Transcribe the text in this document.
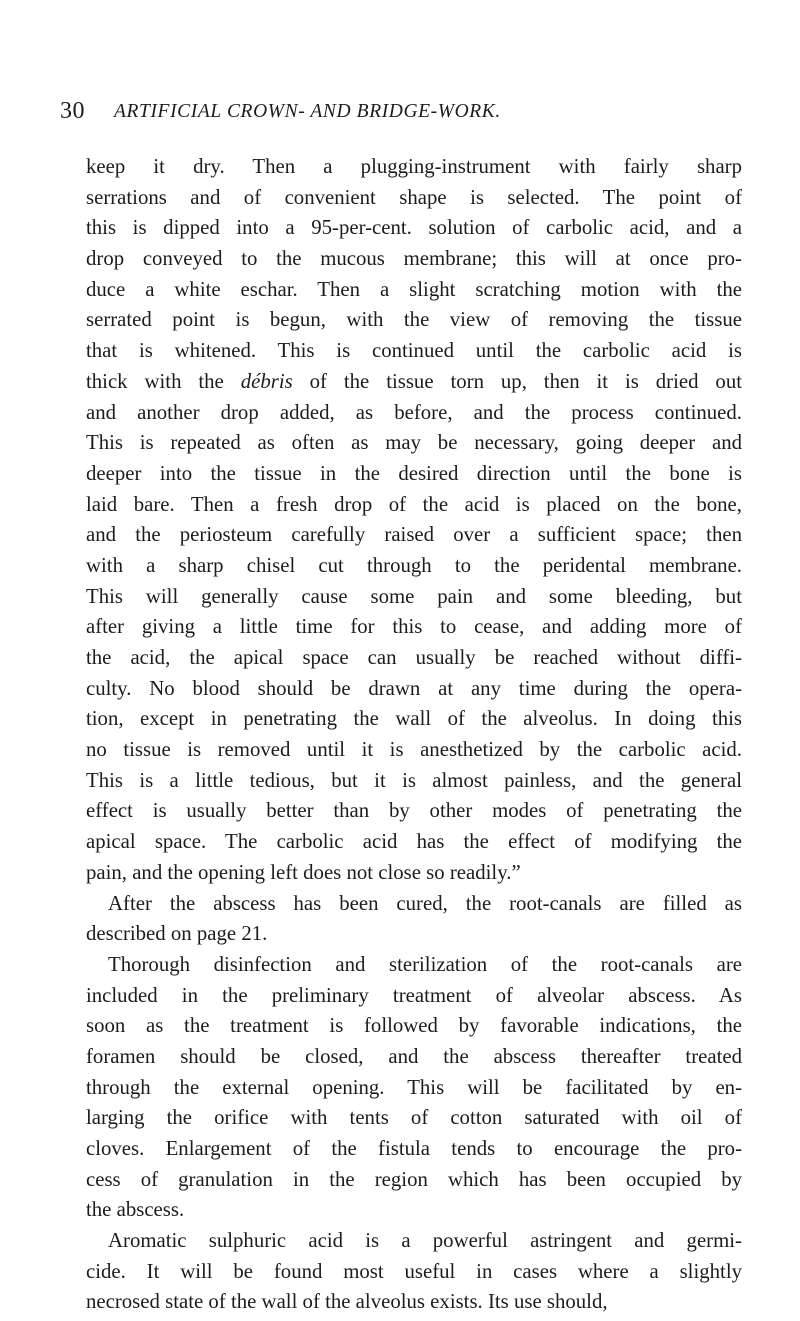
30 ARTIFICIAL CROWN- AND BRIDGE-WORK.

keep it dry. Then a plugging-instrument with fairly sharp
serrations and of convenient shape is selected. The point of
this is dipped into a 95-per-cent. solution of carbolic acid, and a
drop conveyed to the mucous membrane; this will at once pro-
duce a white eschar. Then a slight scratching motion with the
serrated point is begun, with the view of removing the tissue
that is whitened. This is continued until the carbolic acid is
thick with the débris of the tissue torn up, then it is dried out
and another drop added, as before, and the process continued.
This is repeated as often as may be necessary, going deeper and
deeper into the tissue in the desired direction until the bone is
laid bare. Then a fresh drop of the acid is placed on the bone,
and the periosteum carefully raised over a sufficient space; then
with a sharp chisel cut through to the peridental membrane.
This will generally cause some pain and some bleeding, but
after giving a little time for this to cease, and adding more of
the acid, the apical space can usually be reached without diffi-
culty. No blood should be drawn at any time during the opera-
tion, except in penetrating the wall of the alveolus. In doing this
no tissue is removed until it is anesthetized by the carbolic acid.
This is a little tedious, but it is almost painless, and the general
effect is usually better than by other modes of penetrating the
apical space. The carbolic acid has the effect of modifying the
pain, and the opening left does not close so readily.”

After the abscess has been cured, the root-canals are filled as
described on page 21.

Thorough disinfection and sterilization of the root-canals are
included in the preliminary treatment of alveolar abscess. As
soon as the treatment is followed by favorable indications, the
foramen should be closed, and the abscess thereafter treated
through the external opening. This will be facilitated by en-
larging the orifice with tents of cotton saturated with oil of
cloves. Enlargement of the fistula tends to encourage the pro-
cess of granulation in the region which has been occupied by
the abscess.

Aromatic sulphuric acid is a powerful astringent and germi-
cide. It will be found most useful in cases where a slightly
necrosed state of the wall of the alveolus exists. Its use should,
